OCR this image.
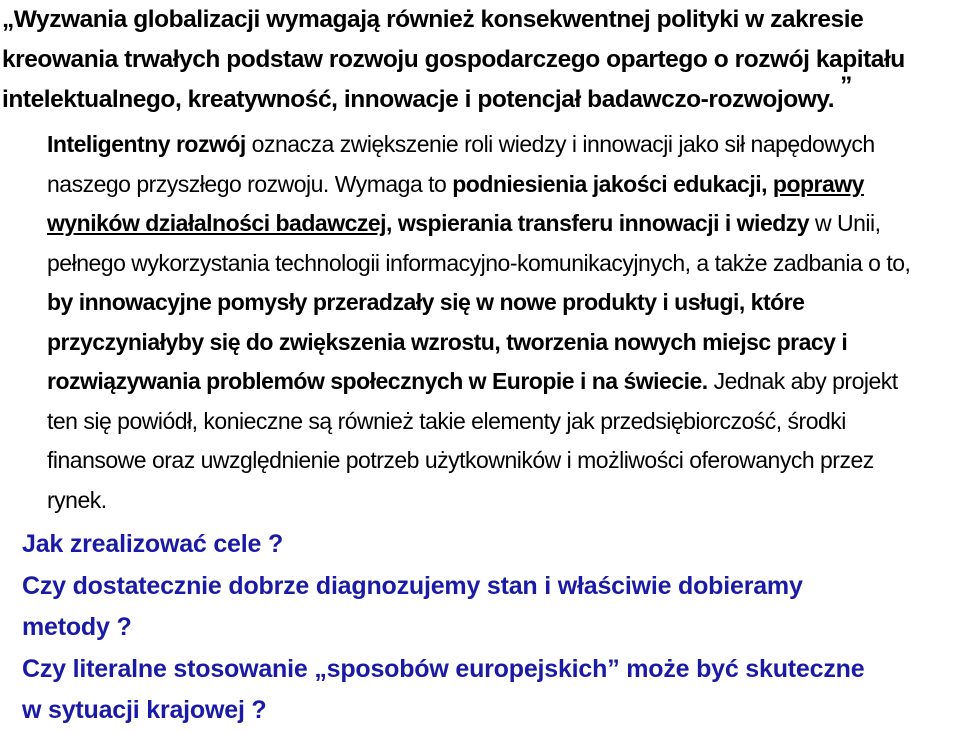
„Wyzwania globalizacji wymagają również konsekwentnej polityki w zakresie
kreowania trwałych podstaw rozwoju gospodarczego opartego o rozwój kapitału
intelektualnego, kreatywność, innowacje i potencjał badawczo-rozwojowy.”
Inteligentny rozwój oznacza zwiększenie roli wiedzy i innowacji jako sił napędowych
naszego przyszłego rozwoju. Wymaga to podniesienia jakości edukacji, poprawy
wyników działalności badawczej, wspierania transferu innowacji i wiedzy w Unii,
pełnego wykorzystania technologii informacyjno-komunikacyjnych, a także zadbania o to,
by innowacyjne pomysły przeradzały się w nowe produkty i usługi, które
przyczyniałyby się do zwiększenia wzrostu, tworzenia nowych miejsc pracy i
rozwiązywania problemów społecznych w Europie i na świecie. Jednak aby projekt
ten się powiódł, konieczne są również takie elementy jak przedsiębiorczość, środki
finansowe oraz uwzględnienie potrzeb użytkowników i możliwości oferowanych przez
rynek.
Jak zrealizować cele ?
Czy dostatecznie dobrze diagnozujemy stan i właściwie dobieramy
metody ?
Czy literalne stosowanie „sposobów europejskich” może być skuteczne
w sytuacji krajowej ?
